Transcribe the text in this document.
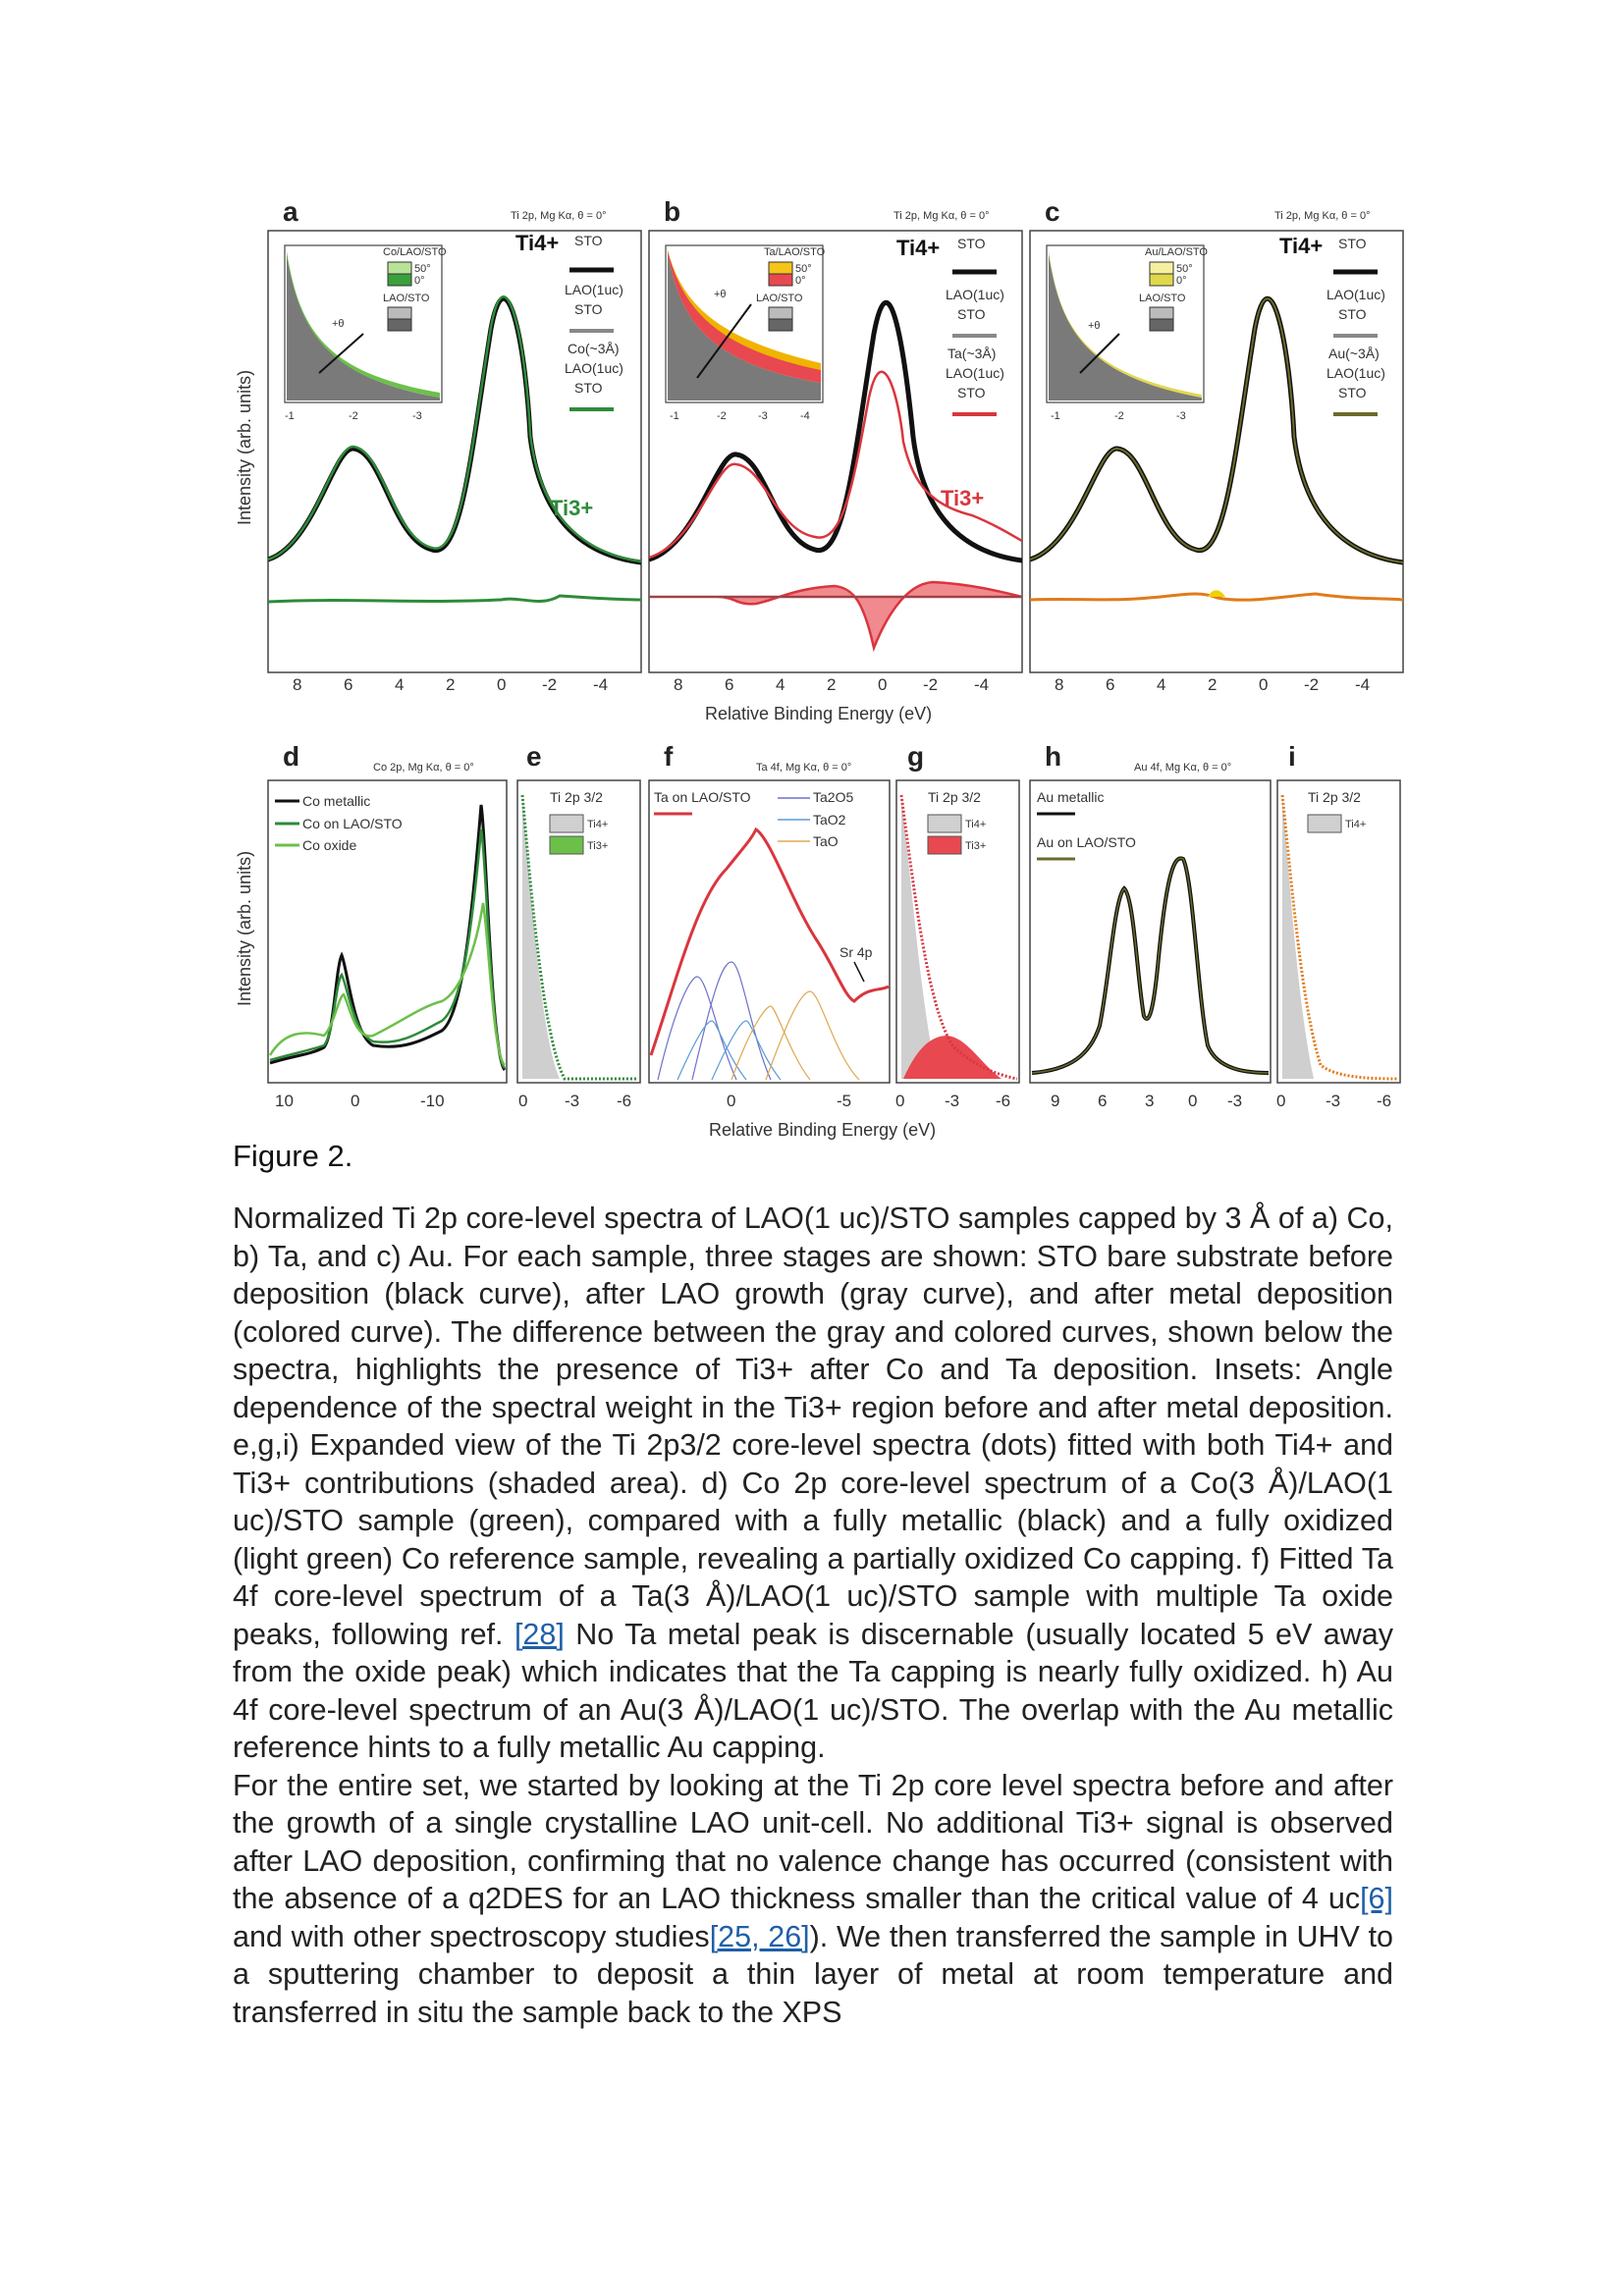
Intensity (arb. units)
a	Ti 2p, Mg Kα, θ = 0°
+θ
Co/LAO/STO
50°
0°
LAO/STO
-1	-2	-3
Ti4+ STO
LAO(1uc)
STO
Co(~3Å)
LAO(1uc)
STO
Ti3+
b	Ti 2p, Mg Kα, θ = 0°
+θ
Ta/LAO/STO
50°
0°
LAO/STO
-1	-2	-3	-4
Ti4+ STO
LAO(1uc)
STO
Ta(~3Å)
LAO(1uc)
STO
Ti3+
c	Ti 2p, Mg Kα, θ = 0°
+θ
Au/LAO/STO
50°
0°
LAO/STO
-1	-2	-3
Ti4+ STO
LAO(1uc)
STO
Au(~3Å)
LAO(1uc)
STO
8	6	4	2	0 -2 -4	8	6	4	2	0 -2 -4	8	6	4	2	0 -2 -4
Relative Binding Energy (eV)
Intensity (arb. units)
d	Co 2p, Mg Kα, θ = 0°
Co metallic
Co on LAO/STO
Co oxide
e
Ti 2p 3/2
Ti4+
Ti3+
f	Ta 4f, Mg Kα, θ = 0°
Ta on LAO/STO	Ta2O5
TaO2
TaO
Sr 4p
g
Ti 2p 3/2
Ti4+
Ti3+
h	Au 4f, Mg Kα, θ = 0°
Au metallic
Au on LAO/STO
i
Ti 2p 3/2
Ti4+
10	0	-10	0 -3 -6	0	-5	0 -3 -6 9 6 3 0 -3 0 -3 -6
Relative Binding Energy (eV)
Figure 2.

Normalized Ti 2p core-level spectra of LAO(1 uc)/STO samples capped by 3 Å of a) Co, b) Ta, and c) Au. For each sample, three stages are shown: STO bare substrate before deposition (black curve), after LAO growth (gray curve), and after metal deposition (colored curve). The difference between the gray and colored curves, shown below the spectra, highlights the presence of Ti3+ after Co and Ta deposition. Insets: Angle dependence of the spectral weight in the Ti3+ region before and after metal deposition. e,g,i) Expanded view of the Ti 2p3/2 core-level spectra (dots) fitted with both Ti4+ and Ti3+ contributions (shaded area). d) Co 2p core-level spectrum of a Co(3 Å)/LAO(1 uc)/STO sample (green), compared with a fully metallic (black) and a fully oxidized (light green) Co reference sample, revealing a partially oxidized Co capping. f) Fitted Ta 4f core-level spectrum of a Ta(3 Å)/LAO(1 uc)/STO sample with multiple Ta oxide peaks, following ref. [28] No Ta metal peak is discernable (usually located 5 eV away from the oxide peak) which indicates that the Ta capping is nearly fully oxidized. h) Au 4f core-level spectrum of an Au(3 Å)/LAO(1 uc)/STO. The overlap with the Au metallic reference hints to a fully metallic Au capping.

For the entire set, we started by looking at the Ti 2p core level spectra before and after the growth of a single crystalline LAO unit-cell. No additional Ti3+ signal is observed after LAO deposition, confirming that no valence change has occurred (consistent with the absence of a q2DES for an LAO thickness smaller than the critical value of 4 uc[6] and with other spectroscopy studies[25, 26]). We then transferred the sample in UHV to a sputtering chamber to deposit a thin layer of metal at room temperature and transferred in situ the sample back to the XPS
